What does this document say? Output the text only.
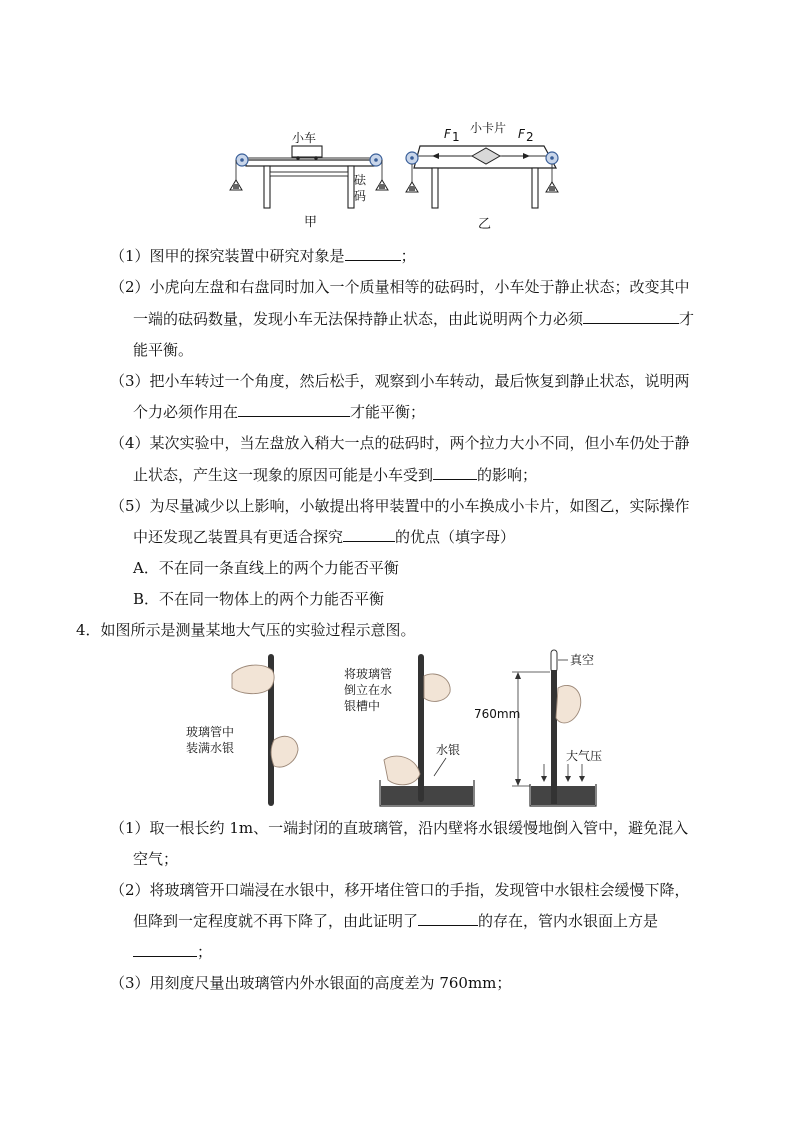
小车
砝
码
甲
小卡片
F 1	F 2
乙
（1）图甲的探究装置中研究对象是	；
（2）小虎向左盘和右盘同时加入一个质量相等的砝码时，小车处于静止状态；改变其中
一端的砝码数量，发现小车无法保持静止状态，由此说明两个力必须	才
能平衡。
（3）把小车转过一个角度，然后松手，观察到小车转动，最后恢复到静止状态，说明两
个力必须作用在	才能平衡；
（4）某次实验中，当左盘放入稍大一点的砝码时，两个拉力大小不同，但小车仍处于静
止状态，产生这一现象的原因可能是小车受到	的影响；
（5）为尽量减少以上影响，小敏提出将甲装置中的小车换成小卡片，如图乙，实际操作
中还发现乙装置具有更适合探究	的优点（填字母）
A．不在同一条直线上的两个力能否平衡
B．不在同一物体上的两个力能否平衡
4．如图所示是测量某地大气压的实验过程示意图。
玻璃管中
装满水银
将玻璃管
倒立在水
银槽中
水银
真空
760mm
大气压
（1）取一根长约 1m、一端封闭的直玻璃管，沿内壁将水银缓慢地倒入管中，避免混入
空气；
（2）将玻璃管开口端浸在水银中，移开堵住管口的手指，发现管中水银柱会缓慢下降，
但降到一定程度就不再下降了，由此证明了	的存在，管内水银面上方是
；
（3）用刻度尺量出玻璃管内外水银面的高度差为 760mm；
